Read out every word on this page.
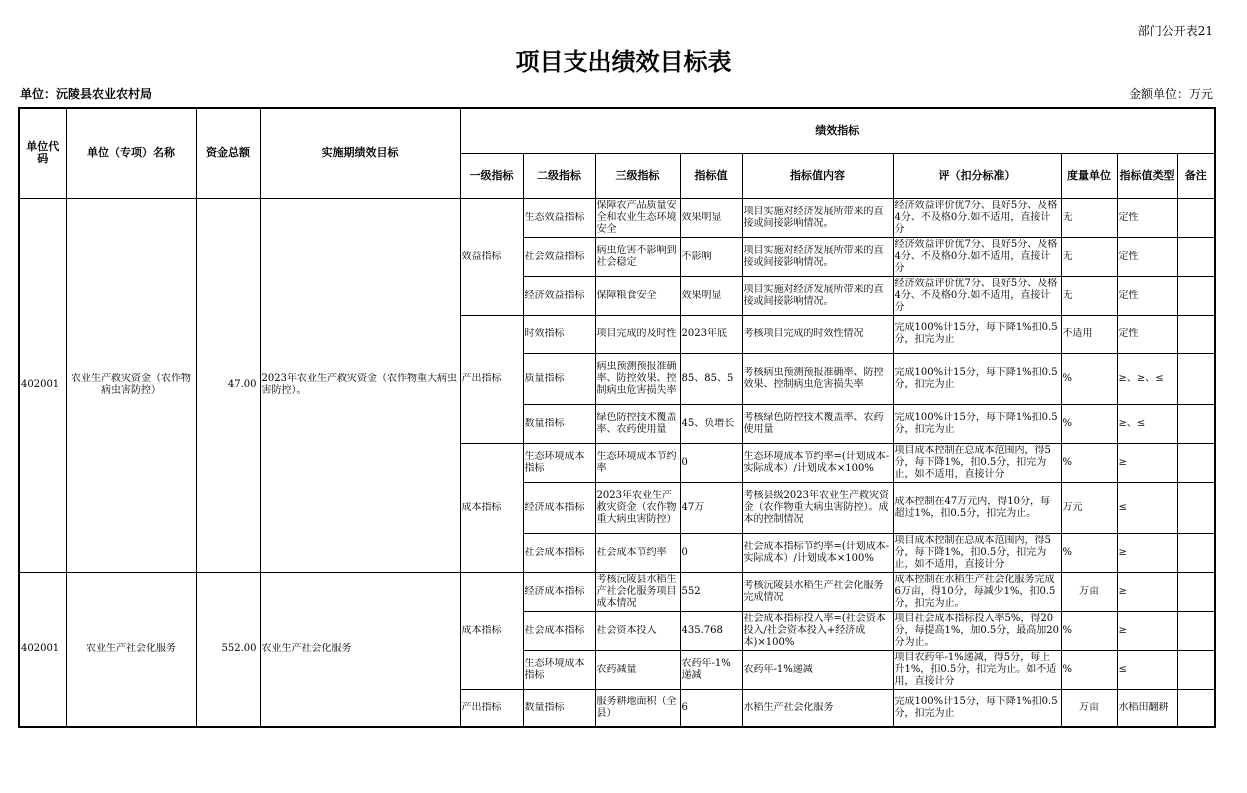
部门公开表21
项目支出绩效目标表
单位：沅陵县农业农村局	金额单位：万元
单位代码	单位（专项）名称	资金总额	实施期绩效目标	绩效指标								
				一级指标	二级指标	三级指标	指标值	指标值内容	评（扣分标准）	度量单位	指标值类型	备注

402001	农业生产救灾资金（农作物病虫害防控）	47.00	2023年农业生产救灾资金（农作物重大病虫害防控）。	效益指标	生态效益指标	保障农产品质量安全和农业生态环境安全	效果明显	项目实施对经济发展所带来的直接或间接影响情况。	经济效益评价优7分、良好5分、及格4分、不及格0分.如不适用，直接计分	无	定性	

					社会效益指标	病虫危害不影响到社会稳定	不影响	项目实施对经济发展所带来的直接或间接影响情况。	经济效益评价优7分、良好5分、及格4分、不及格0分.如不适用，直接计分	无	定性	

					经济效益指标	保障粮食安全	效果明显	项目实施对经济发展所带来的直接或间接影响情况。	经济效益评价优7分、良好5分、及格4分、不及格0分.如不适用，直接计分	无	定性	

				产出指标	时效指标	项目完成的及时性	2023年底	考核项目完成的时效性情况	完成100%计15分，每下降1%扣0.5分，扣完为止	不适用	定性	

					质量指标	病虫预测预报准确率、防控效果、控制病虫危害损失率	85、85、5	考核病虫预测预报准确率、防控效果、控制病虫危害损失率	完成100%计15分，每下降1%扣0.5分，扣完为止	%	≥、≥、≤	

					数量指标	绿色防控技术覆盖率、农药使用量	45、负增长	考核绿色防控技术覆盖率、农药使用量	完成100%计15分，每下降1%扣0.5分，扣完为止	%	≥、≤	

				成本指标	生态环境成本指标	生态环境成本节约率	0	生态环境成本节约率=(计划成本-实际成本）/计划成本×100%	项目成本控制在总成本范围内，得5分，每下降1%，扣0.5分，扣完为止，如不适用，直接计分	%	≥	

					经济成本指标	2023年农业生产救灾资金（农作物重大病虫害防控）	47万	考核县级2023年农业生产救灾资金（农作物重大病虫害防控）。成本的控制情况	成本控制在47万元内，得10分，每超过1%，扣0.5分，扣完为止。	万元	≤	

					社会成本指标	社会成本节约率	0	社会成本指标节约率=(计划成本-实际成本）/计划成本×100%	项目成本控制在总成本范围内，得5分，每下降1%，扣0.5分，扣完为止，如不适用，直接计分	%	≥	

402001	农业生产社会化服务	552.00	农业生产社会化服务	成本指标	经济成本指标	考核沅陵县水稻生产社会化服务项目成本情况	552	考核沅陵县水稻生产社会化服务完成情况	成本控制在水稻生产社会化服务完成6万亩，得10分，每减少1%，扣0.5分，扣完为止。	万亩	≥	

					社会成本指标	社会资本投入	435.768	社会成本指标投入率=(社会资本投入/社会资本投入+经济成本)×100%	项目社会成本指标投入率5%，得20分，每提高1%，加0.5分，最高加20分为止。	%	≥	

					生态环境成本指标	农药减量	农药年-1%递减	农药年-1%递减	项目农药年-1%递减，得5分，每上升1%，扣0.5分，扣完为止。如不适用，直接计分	%	≤	

				产出指标	数量指标	服务耕地面积（全县）	6	水稻生产社会化服务	完成100%计15分，每下降1%扣0.5分，扣完为止	万亩	水稻田翻耕	
